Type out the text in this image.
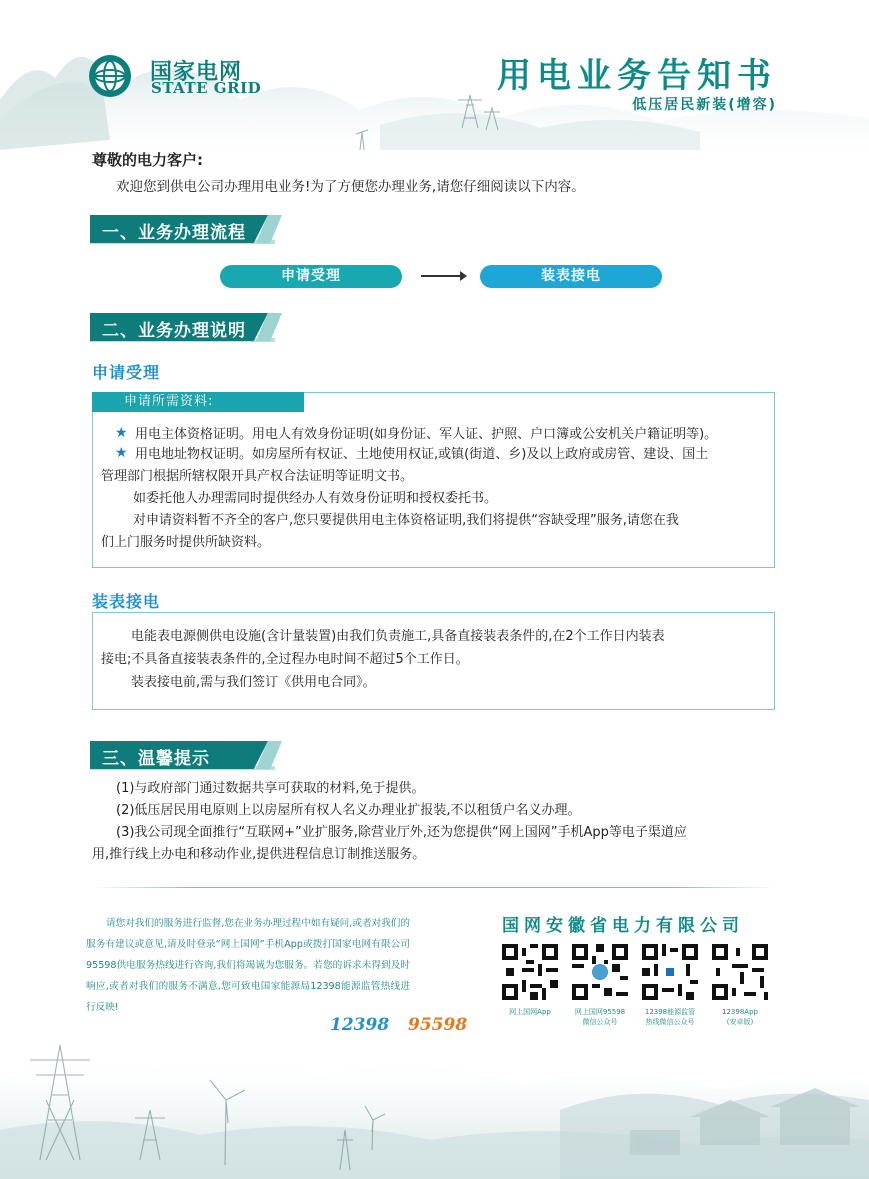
国家电网
STATE GRID	用电业务告知书
低压居民新装(增容)
尊敬的电力客户:
欢迎您到供电公司办理用电业务!为了方便您办理业务,请您仔细阅读以下内容。
一、业务办理流程
申请受理	装表接电
二、业务办理说明
申请受理
申请所需资料:
★ 用电主体资格证明。用电人有效身份证明(如身份证、军人证、护照、户口簿或公安机关户籍证明等)。
★ 用电地址物权证明。如房屋所有权证、土地使用权证,或镇(街道、乡)及以上政府或房管、建设、国土
管理部门根据所辖权限开具产权合法证明等证明文书。
如委托他人办理需同时提供经办人有效身份证明和授权委托书。
对申请资料暂不齐全的客户,您只要提供用电主体资格证明,我们将提供“容缺受理”服务,请您在我
们上门服务时提供所缺资料。
装表接电
电能表电源侧供电设施(含计量装置)由我们负责施工,具备直接装表条件的,在2个工作日内装表
接电;不具备直接装表条件的,全过程办电时间不超过5个工作日。
装表接电前,需与我们签订《供用电合同》。
三、温馨提示
(1)与政府部门通过数据共享可获取的材料,免于提供。
(2)低压居民用电原则上以房屋所有权人名义办理业扩报装,不以租赁户名义办理。
(3)我公司现全面推行“互联网+”业扩服务,除营业厅外,还为您提供“网上国网”手机App等电子渠道应
用,推行线上办电和移动作业,提供进程信息订制推送服务。
请您对我们的服务进行监督,您在业务办理过程中如有疑问,或者对我们的服务有建议或意见,请及时登录“网上国网”手机App或拨打国家电网有限公司95598供电服务热线进行咨询,我们将竭诚为您服务。若您的诉求未得到及时响应,或者对我们的服务不满意,您可致电国家能源局12398能源监管热线进行反映!
12398 95598
国网安徽省电力有限公司
网上国网App	网上国网95598
微信公众号
12398能源监管
热线微信公众号
12398App
(安卓版)
